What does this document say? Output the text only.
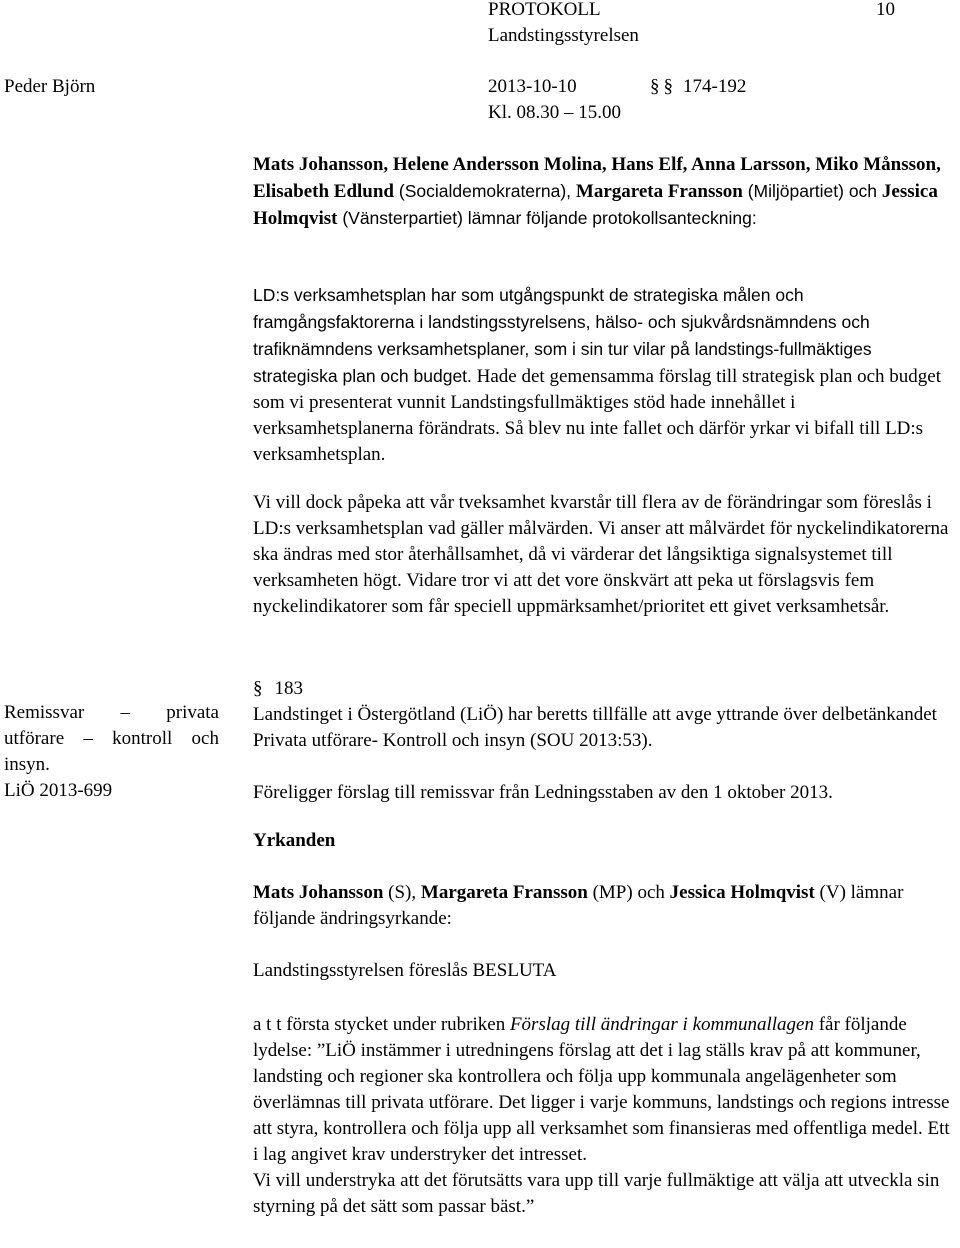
PROTOKOLL	10
Landstingsstyrelsen
Peder Björn	2013-10-10	§§ 174-192
Kl. 08.30 – 15.00

Mats Johansson, Helene Andersson Molina, Hans Elf, Anna Larsson, Miko Månsson, Elisabeth Edlund (Socialdemokraterna), Margareta Fransson (Miljöpartiet) och Jessica Holmqvist (Vänsterpartiet) lämnar följande protokollsanteckning:

LD:s verksamhetsplan har som utgångspunkt de strategiska målen och framgångsfaktorerna i landstingsstyrelsens, hälso- och sjukvårdsnämndens och trafiknämndens verksamhetsplaner, som i sin tur vilar på landstings-fullmäktiges strategiska plan och budget. Hade det gemensamma förslag till strategisk plan och budget som vi presenterat vunnit Landstingsfullmäktiges stöd hade innehållet i verksamhetsplanerna förändrats. Så blev nu inte fallet och därför yrkar vi bifall till LD:s verksamhetsplan.

Vi vill dock påpeka att vår tveksamhet kvarstår till flera av de förändringar som föreslås i LD:s verksamhetsplan vad gäller målvärden. Vi anser att målvärdet för nyckelindikatorerna ska ändras med stor återhållsamhet, då vi värderar det långsiktiga signalsystemet till verksamheten högt. Vidare tror vi att det vore önskvärt att peka ut förslagsvis fem nyckelindikatorer som får speciell uppmärksamhet/prioritet ett givet verksamhetsår.

Remissvar – privata utförare – kontroll och insyn.
LiÖ 2013-699
§ 183

Landstinget i Östergötland (LiÖ) har beretts tillfälle att avge yttrande över delbetänkandet Privata utförare- Kontroll och insyn (SOU 2013:53).

Föreligger förslag till remissvar från Ledningsstaben av den 1 oktober 2013.

Yrkanden

Mats Johansson (S), Margareta Fransson (MP) och Jessica Holmqvist (V) lämnar följande ändringsyrkande:

Landstingsstyrelsen föreslås BESLUTA

a t t första stycket under rubriken Förslag till ändringar i kommunallagen får följande lydelse: ”LiÖ instämmer i utredningens förslag att det i lag ställs krav på att kommuner, landsting och regioner ska kontrollera och följa upp kommunala angelägenheter som överlämnas till privata utförare. Det ligger i varje kommuns, landstings och regions intresse att styra, kontrollera och följa upp all verksamhet som finansieras med offentliga medel. Ett i lag angivet krav understryker det intresset.

Vi vill understryka att det förutsätts vara upp till varje fullmäktige att välja att utveckla sin styrning på det sätt som passar bäst.”
